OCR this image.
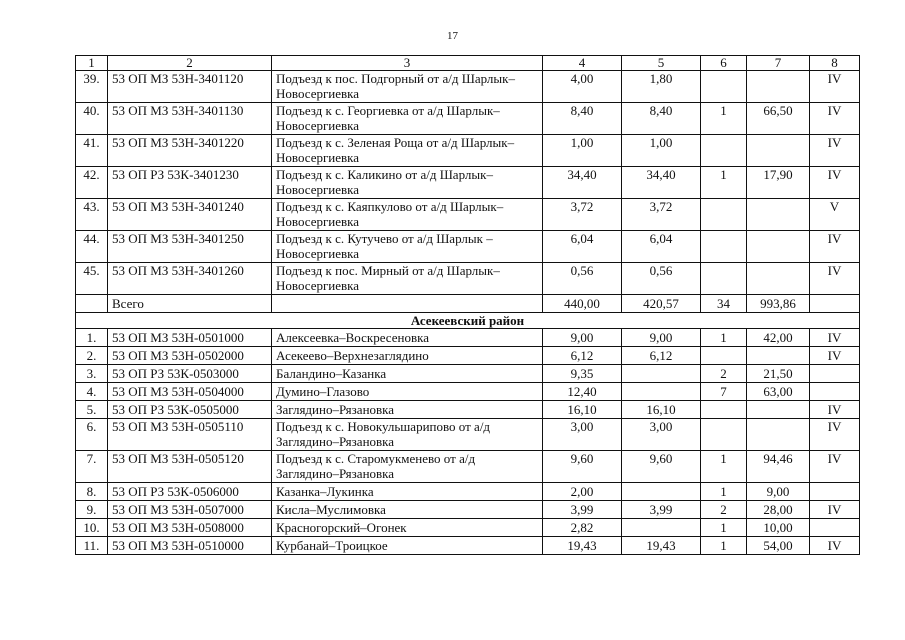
17
1	2	3	4	5	6	7	8
39.	53 ОП МЗ 53Н-3401120	Подъезд к пос. Подгорный от а/д Шарлык–Новосергиевка	4,00	1,80			IV
40.	53 ОП МЗ 53Н-3401130	Подъезд к с. Георгиевка от а/д Шарлык–Новосергиевка	8,40	8,40	1	66,50	IV
41.	53 ОП МЗ 53Н-3401220	Подъезд к с. Зеленая Роща от а/д Шарлык–Новосергиевка	1,00	1,00			IV
42.	53 ОП РЗ 53К-3401230	Подъезд к с. Каликино от а/д Шарлык–Новосергиевка	34,40	34,40	1	17,90	IV
43.	53 ОП МЗ 53Н-3401240	Подъезд к с. Каяпкулово от а/д Шарлык–Новосергиевка	3,72	3,72			V
44.	53 ОП МЗ 53Н-3401250	Подъезд к с. Кутучево от а/д Шарлык – Новосергиевка	6,04	6,04			IV
45.	53 ОП МЗ 53Н-3401260	Подъезд к пос. Мирный от а/д Шарлык–Новосергиевка	0,56	0,56			IV
	Всего		440,00	420,57	34	993,86	
Асекеевский район							
1.	53 ОП МЗ 53Н-0501000	Алексеевка–Воскресеновка	9,00	9,00	1	42,00	IV
2.	53 ОП МЗ 53Н-0502000	Асекеево–Верхнезаглядино	6,12	6,12			IV
3.	53 ОП РЗ 53К-0503000	Баландино–Казанка	9,35		2	21,50	
4.	53 ОП МЗ 53Н-0504000	Думино–Глазово	12,40		7	63,00	
5.	53 ОП РЗ 53К-0505000	Заглядино–Рязановка	16,10	16,10			IV
6.	53 ОП МЗ 53Н-0505110	Подъезд к с. Новокульшарипово от а/д Заглядино–Рязановка	3,00	3,00			IV
7.	53 ОП МЗ 53Н-0505120	Подъезд к с. Старомукменево от а/д Заглядино–Рязановка	9,60	9,60	1	94,46	IV
8.	53 ОП РЗ 53К-0506000	Казанка–Лукинка	2,00		1	9,00	
9.	53 ОП МЗ 53Н-0507000	Кисла–Муслимовка	3,99	3,99	2	28,00	IV
10.	53 ОП МЗ 53Н-0508000	Красногорский–Огонек	2,82		1	10,00	
11.	53 ОП МЗ 53Н-0510000	Курбанай–Троицкое	19,43	19,43	1	54,00	IV
